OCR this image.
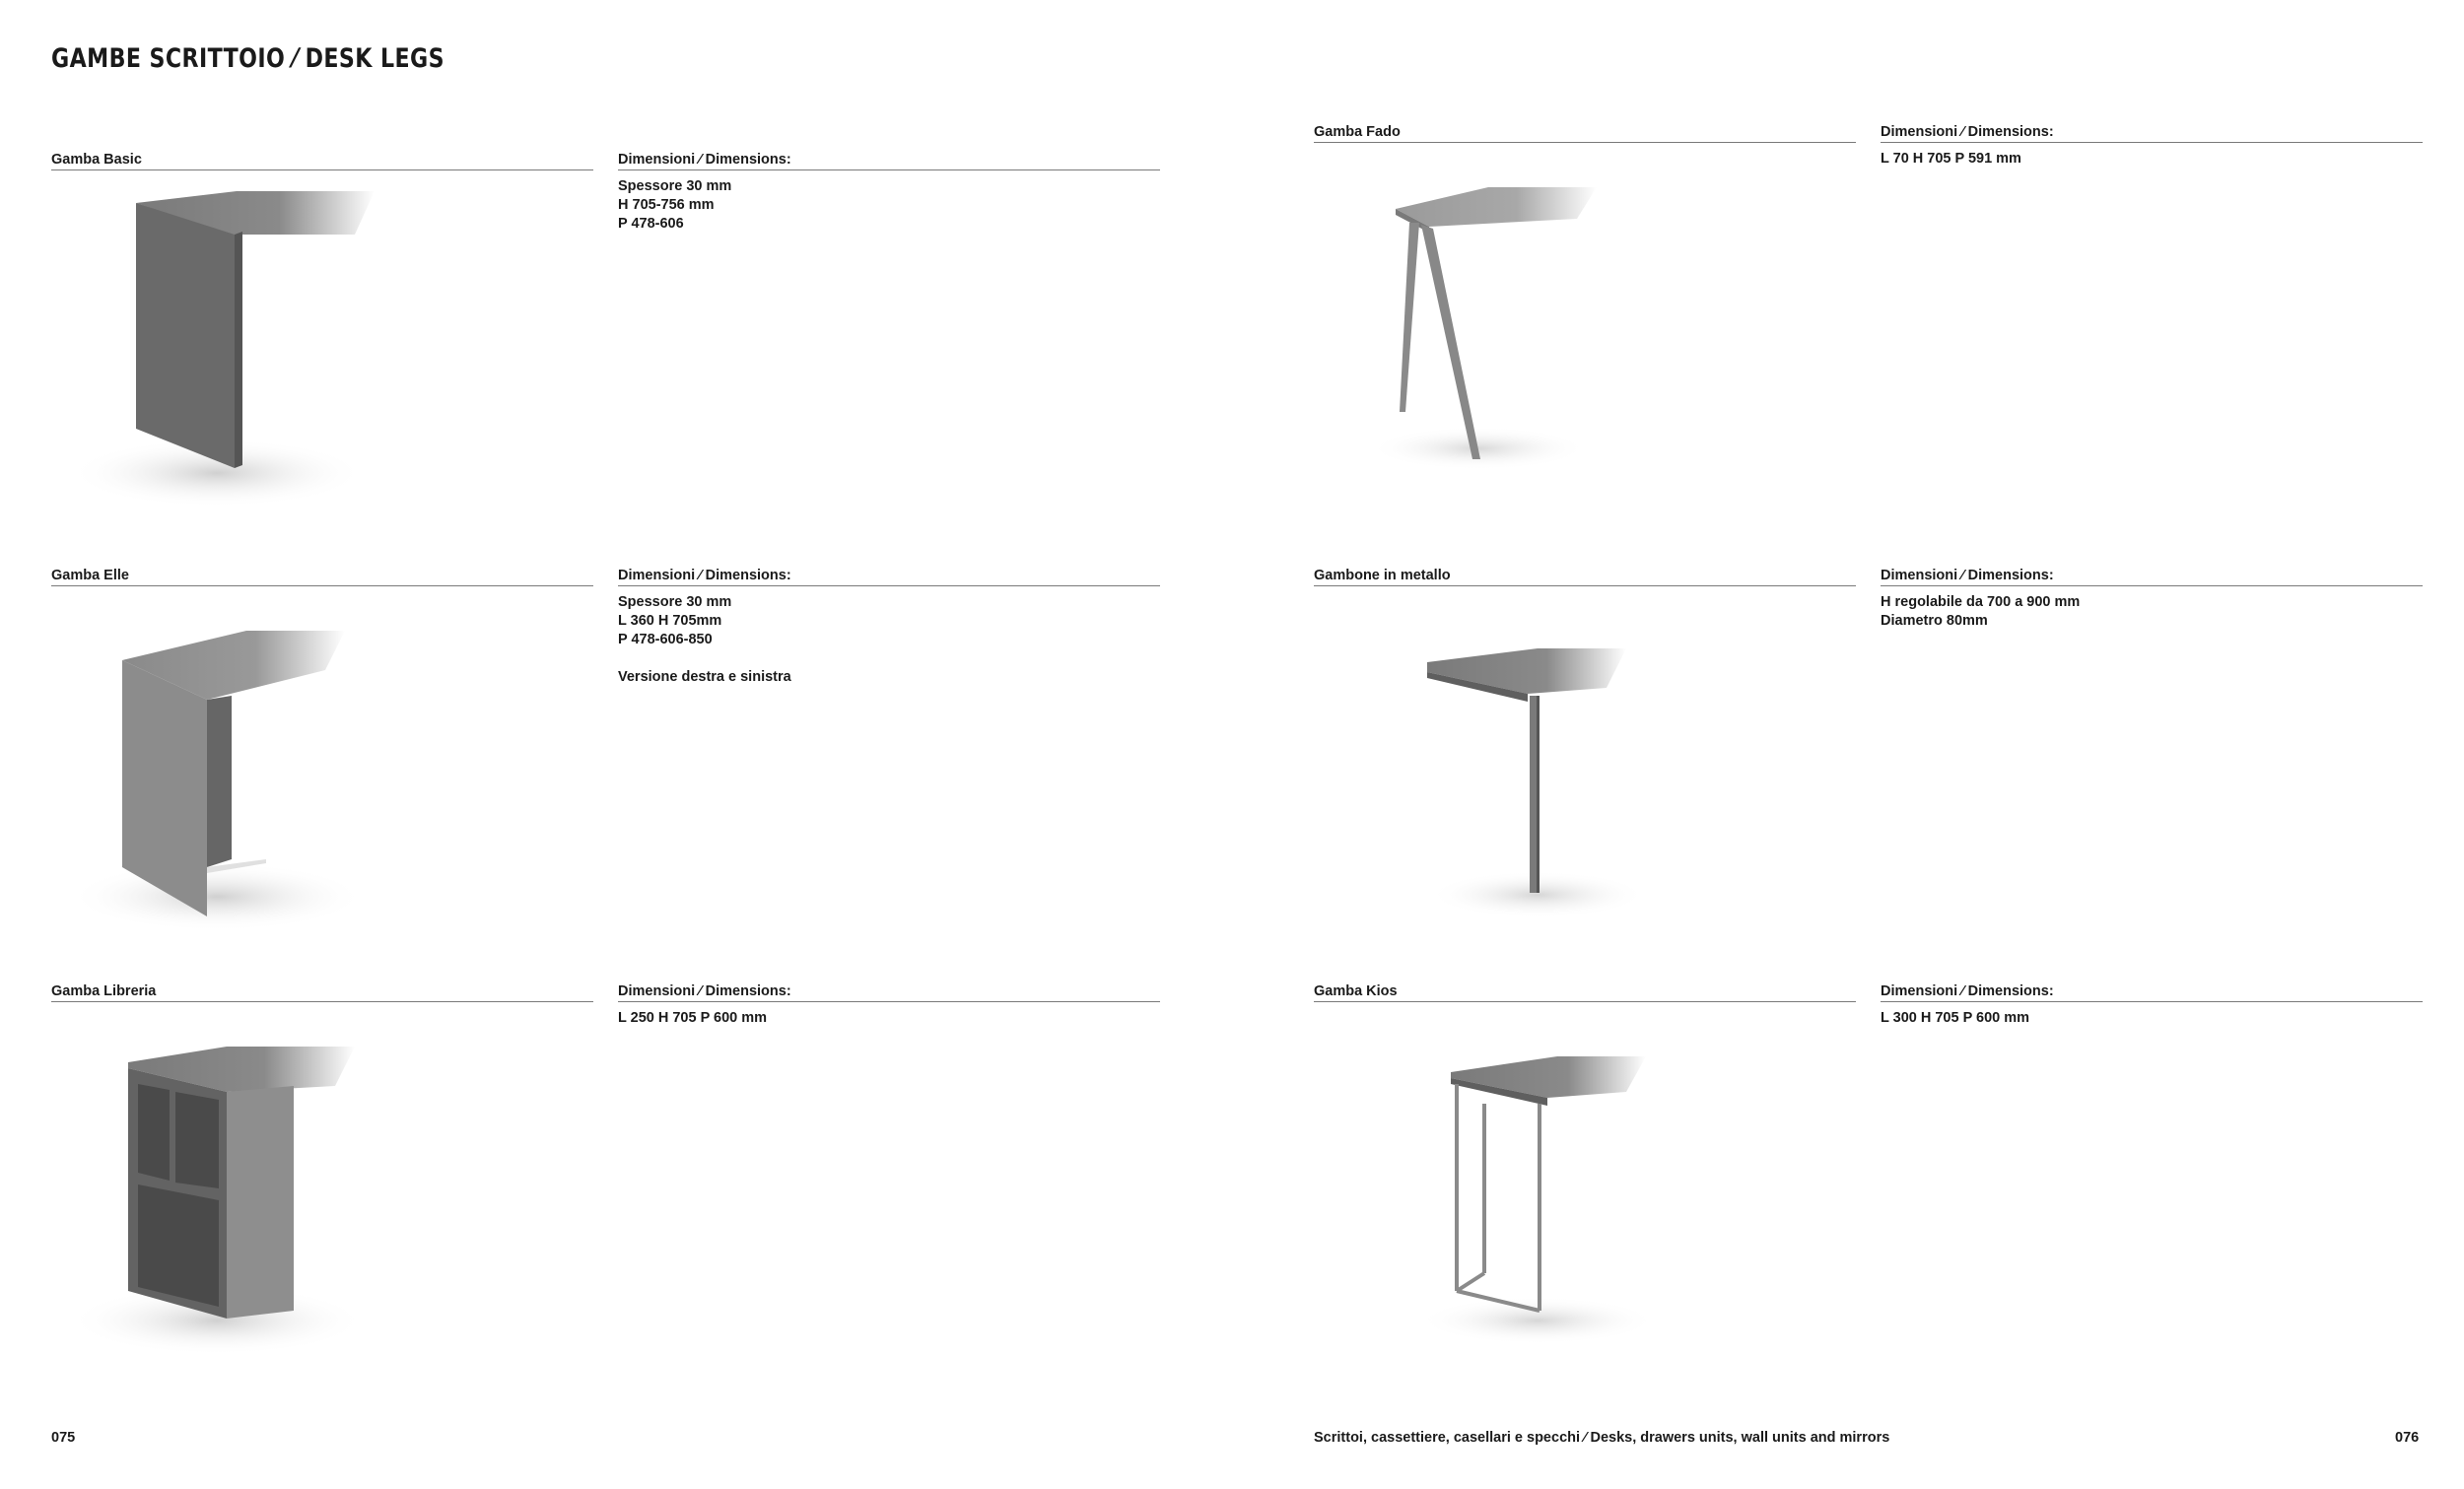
GAMBE SCRITTOIO ⁄ DESK LEGS
Gamba Basic	Dimensioni ⁄ Dimensions:
Spessore 30 mm
H 705-756 mm
P 478-606
Gamba Fado	Dimensioni ⁄ Dimensions:
L 70 H 705 P 591 mm
Gamba Elle	Dimensioni ⁄ Dimensions:
Spessore 30 mm
L 360 H 705mm
P 478-606-850
Versione destra e sinistra
Gambone in metallo	Dimensioni ⁄ Dimensions:
H regolabile da 700 a 900 mm
Diametro 80mm
Gamba Libreria	Dimensioni ⁄ Dimensions:
L 250 H 705 P 600 mm
Gamba Kios	Dimensioni ⁄ Dimensions:
L 300 H 705 P 600 mm
075	Scrittoi, cassettiere, casellari e specchi ⁄ Desks, drawers units, wall units and mirrors	076
